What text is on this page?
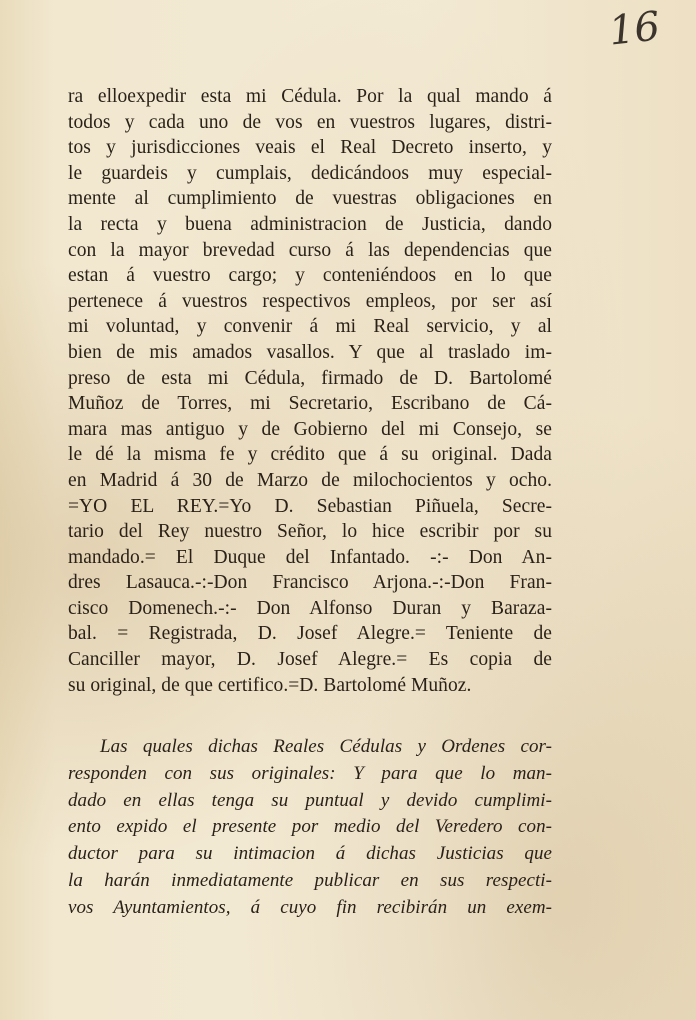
16
ra elloexpedir esta mi Cédula. Por la qual mando á
todos y cada uno de vos en vuestros lugares, distri-
tos y jurisdicciones veais el Real Decreto inserto, y
le guardeis y cumplais, dedicándoos muy especial-
mente al cumplimiento de vuestras obligaciones en
la recta y buena administracion de Justicia, dando
con la mayor brevedad curso á las dependencias que
estan á vuestro cargo; y conteniéndoos en lo que
pertenece á vuestros respectivos empleos, por ser así
mi voluntad, y convenir á mi Real servicio, y al
bien de mis amados vasallos. Y que al traslado im-
preso de esta mi Cédula, firmado de D. Bartolomé
Muñoz de Torres, mi Secretario, Escribano de Cá-
mara mas antiguo y de Gobierno del mi Consejo, se
le dé la misma fe y crédito que á su original. Dada
en Madrid á 30 de Marzo de milochocientos y ocho.
=YO EL REY.=Yo D. Sebastian Piñuela, Secre-
tario del Rey nuestro Señor, lo hice escribir por su
mandado.= El Duque del Infantado. -:- Don An-
dres Lasauca.-:-Don Francisco Arjona.-:-Don Fran-
cisco Domenech.-:- Don Alfonso Duran y Baraza-
bal. = Registrada, D. Josef Alegre.= Teniente de
Canciller mayor, D. Josef Alegre.= Es copia de
su original, de que certifico.=D. Bartolomé Muñoz.
Las quales dichas Reales Cédulas y Ordenes cor-
responden con sus originales: Y para que lo man-
dado en ellas tenga su puntual y devido cumplimi-
ento expido el presente por medio del Veredero con-
ductor para su intimacion á dichas Justicias que
la harán inmediatamente publicar en sus respecti-
vos Ayuntamientos, á cuyo fin recibirán un exem-
